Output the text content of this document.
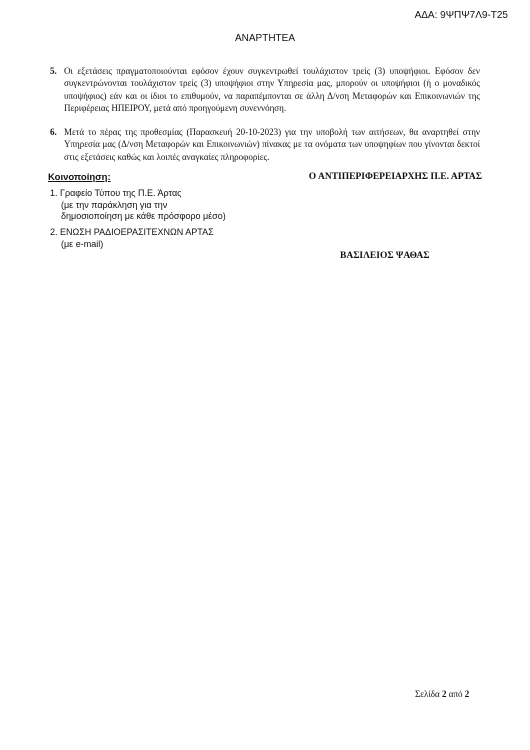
ΑΔΑ: 9ΨΠΨ7Λ9-Τ25
ΑΝΑΡΤΗΤΕΑ
5. Οι εξετάσεις πραγματοποιούνται εφόσον έχουν συγκεντρωθεί τουλάχιστον τρείς (3) υποψήφιοι. Εφόσον δεν συγκεντρώνονται τουλάχιστον τρείς (3) υποψήφιοι στην Υπηρεσία μας, μπορούν οι υποψήφιοι (ή ο μοναδικός υποψήφιος) εάν και οι ίδιοι το επιθυμούν, να παραπέμπονται σε άλλη Δ/νση Μεταφορών και Επικοινωνιών της Περιφέρειας ΗΠΕΙΡΟΥ, μετά από προηγούμενη συνεννόηση.
6. Μετά το πέρας της προθεσμίας (Παρασκευή 20-10-2023) για την υποβολή των αιτήσεων, θα αναρτηθεί στην Υπηρεσία μας (Δ/νση Μεταφορών και Επικοινωνιών) πίνακας με τα ονόματα των υποψηφίων που γίνονται δεκτοί στις εξετάσεις καθώς και λοιπές αναγκαίες πληροφορίες.
Κοινοποίηση:	Ο ΑΝΤΙΠΕΡΙΦΕΡΕΙΑΡΧΗΣ Π.Ε. ΑΡΤΑΣ
1. Γραφείο Τύπου της Π.Ε. Άρτας
(με την παράκληση για την
δημοσιοποίηση με κάθε πρόσφορο μέσο)
2. ΕΝΩΣΗ ΡΑΔΙΟΕΡΑΣΙΤΕΧΝΩΝ ΑΡΤΑΣ
(με e-mail)
ΒΑΣΙΛΕΙΟΣ ΨΑΘΑΣ
Σελίδα 2 από 2
